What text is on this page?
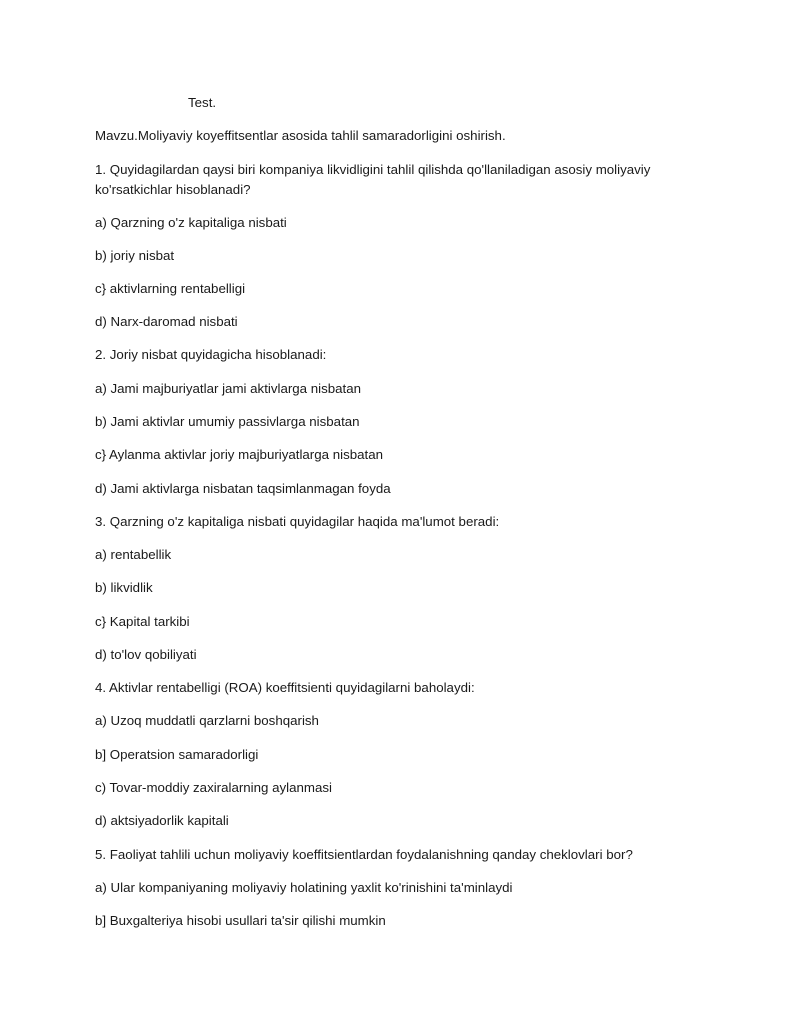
Test.
Mavzu.Moliyaviy koyeffitsentlar asosida tahlil samaradorligini oshirish.
1. Quyidagilardan qaysi biri kompaniya likvidligini tahlil qilishda qo'llaniladigan asosiy moliyaviy ko'rsatkichlar hisoblanadi?
a) Qarzning o'z kapitaliga nisbati
b) joriy nisbat
c} aktivlarning rentabelligi
d) Narx-daromad nisbati
2. Joriy nisbat quyidagicha hisoblanadi:
a) Jami majburiyatlar jami aktivlarga nisbatan
b) Jami aktivlar umumiy passivlarga nisbatan
c} Aylanma aktivlar joriy majburiyatlarga nisbatan
d) Jami aktivlarga nisbatan taqsimlanmagan foyda
3. Qarzning o'z kapitaliga nisbati quyidagilar haqida ma'lumot beradi:
a) rentabellik
b) likvidlik
c} Kapital tarkibi
d) to'lov qobiliyati
4. Aktivlar rentabelligi (ROA) koeffitsienti quyidagilarni baholaydi:
a) Uzoq muddatli qarzlarni boshqarish
b] Operatsion samaradorligi
c) Tovar-moddiy zaxiralarning aylanmasi
d) aktsiyadorlik kapitali
5. Faoliyat tahlili uchun moliyaviy koeffitsientlardan foydalanishning qanday cheklovlari bor?
a) Ular kompaniyaning moliyaviy holatining yaxlit ko'rinishini ta'minlaydi
b] Buxgalteriya hisobi usullari ta'sir qilishi mumkin
